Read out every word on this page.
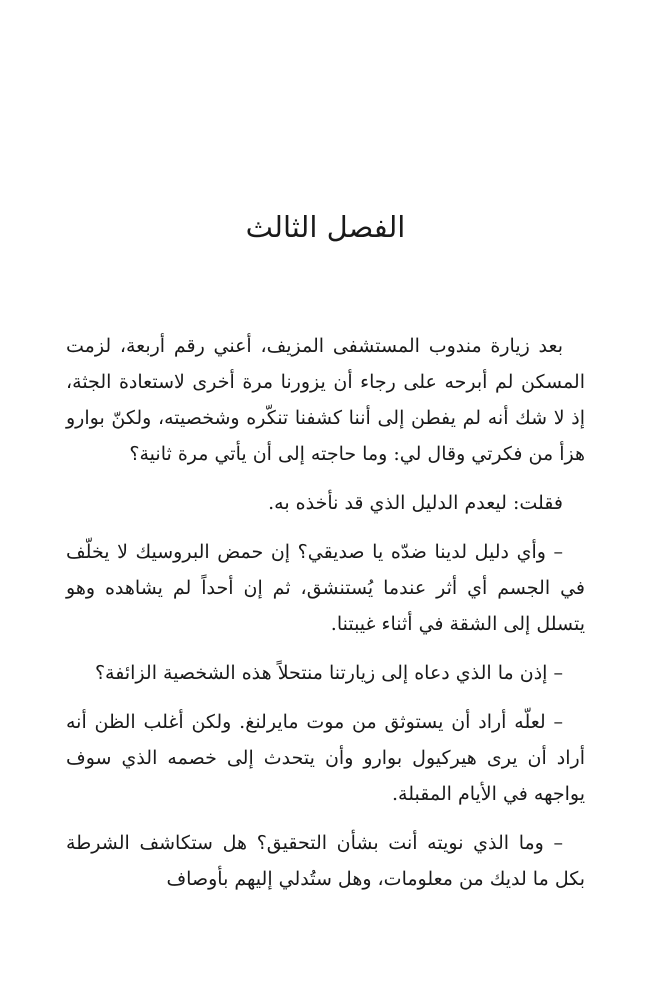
الفصل الثالث

بعد زيارة مندوب المستشفى المزيف، أعني رقم أربعة، لزمت المسكن لم أبرحه على رجاء أن يزورنا مرة أخرى لاستعادة الجثة، إذ لا شك أنه لم يفطن إلى أننا كشفنا تنكّره وشخصيته، ولكنّ بوارو هزأ من فكرتي وقال لي: وما حاجته إلى أن يأتي مرة ثانية؟

فقلت: ليعدم الدليل الذي قد نأخذه به.

– وأي دليل لدينا ضدّه يا صديقي؟ إن حمض البروسيك لا يخلّف في الجسم أي أثر عندما يُستنشق، ثم إن أحداً لم يشاهده وهو يتسلل إلى الشقة في أثناء غيبتنا.

– إذن ما الذي دعاه إلى زيارتنا منتحلاً هذه الشخصية الزائفة؟

– لعلّه أراد أن يستوثق من موت مايرلنغ. ولكن أغلب الظن أنه أراد أن يرى هيركيول بوارو وأن يتحدث إلى خصمه الذي سوف يواجهه في الأيام المقبلة.

– وما الذي نويته أنت بشأن التحقيق؟ هل ستكاشف الشرطة بكل ما لديك من معلومات، وهل ستُدلي إليهم بأوصاف
